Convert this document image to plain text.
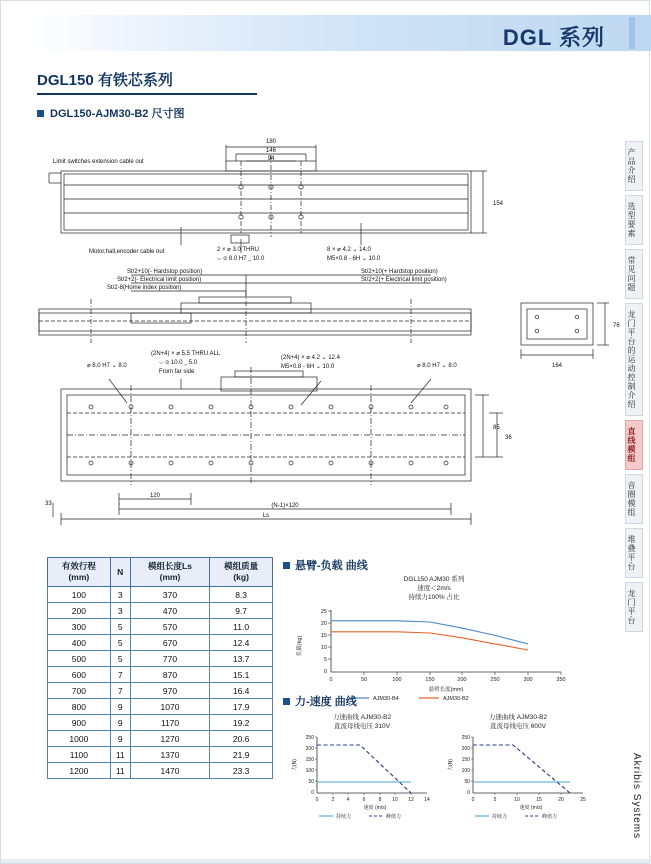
DGL 系列
DGL150 有铁芯系列
DGL150-AJM30-B2 尺寸图
产品介绍
选型要素
常见问题
龙门平台的运动控制介绍
直线模组
音圈模组
堆叠平台
龙门平台
Akribis Systems
180
146
94
154
Limit switches extension cable out
Motor,hall,encoder cable out	2 × ⌀ 3.0 THRU
⌵ ⌀ 8.0 H7 ⌄ 10.0
8 × ⌀ 4.2 ⌄ 14.0
M5×0.8 - 6H ⌄ 10.0
St/2+10(- Hardstop position)
St/2+2(- Electrical limit position)
St/2-8(Home index position)
St/2+10(+ Hardstop position)
St/2+2(+ Electrical limit position)
76
164
(2N+4) × ⌀ 5.5 THRU ALL
⌵ ⌀ 10.0 ⌄ 5.0
From far side
(2N+4) × ⌀ 4.2 ⌄ 12.4
M5×0.8 - 6H ⌄ 10.0
⌀ 8.0 H7 ⌄ 8.0	⌀ 8.0 H7 ⌄ 8.0
85
36
120
(N-1)×120
Ls
33
有效行程
(mm)	N	模组长度Ls
(mm)	模组质量
(kg)
100	3	370	8.3
200	3	470	9.7
300	5	570	11.0
400	5	670	12.4
500	5	770	13.7
600	7	870	15.1
700	7	970	16.4
800	9	1070	17.9
900	9	1170	19.2
1000	9	1270	20.6
1100	11	1370	21.9
1200	11	1470	23.3
悬臂-负载 曲线
DGL150 AJM30 系列
速度＜2m/s
持续力100% 占比
25
20
15
10
5
0
0	50	100	150	200	250	300	350
负载(kg)
悬臂长度(mm)
AJM30-B4	AJM30-B2
力-速度 曲线
力速曲线 AJM30-B2
直流母线电压 310V
250
200
150
100
50
0
0	2 4	6	8 10 12 14
力(N)
速度 (m/s)
持续力	峰值力
力速曲线 AJM30-B2
直流母线电压 600V
250
200
150
100
50
0
0	5	10	15	20	25
力(N)
速度 (m/s)
持续力	峰值力
